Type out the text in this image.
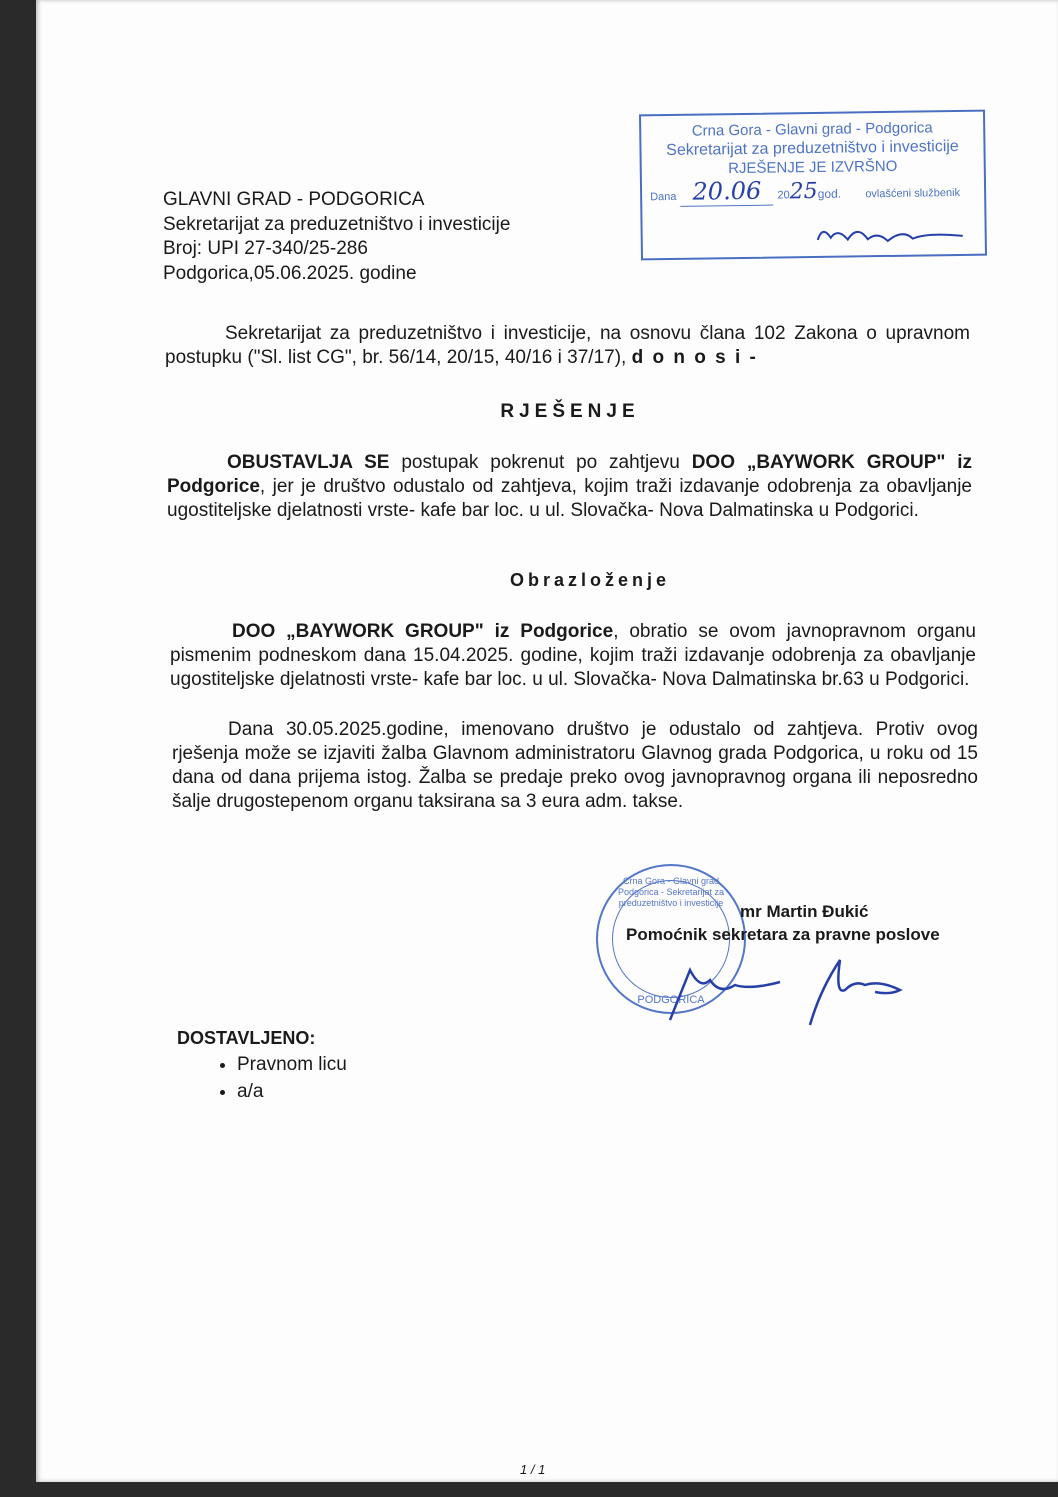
GLAVNI GRAD - PODGORICA
Sekretarijat za preduzetništvo i investicije
Broj: UPI 27-340/25-286
Podgorica,05.06.2025. godine
Crna Gora - Glavni grad - Podgorica
Sekretarijat za preduzetništvo i investicije
RJEŠENJE JE IZVRŠNO
Dana 20.06 2025god. ovlašćeni službenik
Sekretarijat za preduzetništvo i investicije, na osnovu člana 102 Zakona o upravnom postupku ("Sl. list CG", br. 56/14, 20/15, 40/16 i 37/17), d o n o s i -
RJEŠENJE
OBUSTAVLJA SE postupak pokrenut po zahtjevu DOO „BAYWORK GROUP" iz Podgorice, jer je društvo odustalo od zahtjeva, kojim traži izdavanje odobrenja za obavljanje ugostiteljske djelatnosti vrste- kafe bar loc. u ul. Slovačka- Nova Dalmatinska u Podgorici.
Obrazloženje
DOO „BAYWORK GROUP" iz Podgorice, obratio se ovom javnopravnom organu pismenim podneskom dana 15.04.2025. godine, kojim traži izdavanje odobrenja za obavljanje ugostiteljske djelatnosti vrste- kafe bar loc. u ul. Slovačka- Nova Dalmatinska br.63 u Podgorici.
Dana 30.05.2025.godine, imenovano društvo je odustalo od zahtjeva. Protiv ovog rješenja može se izjaviti žalba Glavnom administratoru Glavnog grada Podgorica, u roku od 15 dana od dana prijema istog. Žalba se predaje preko ovog javnopravnog organa ili neposredno šalje drugostepenom organu taksirana sa 3 eura adm. takse.
Crna Gora - Glavni grad Podgorica - Sekretarijat za preduzetništvo i investicije
PODGORICA
mr Martin Đukić
Pomoćnik sekretara za pravne poslove
DOSTAVLJENO:
• Pravnom licu
• a/a
1 / 1
